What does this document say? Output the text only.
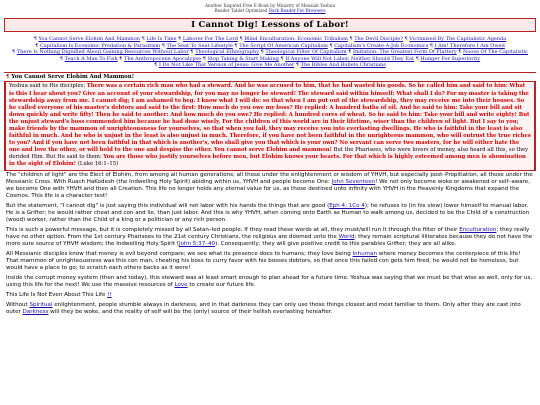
Another Inspired Free E-Book by Ministry of Messiah Yeshua
Reader Tablet Optimized Dark Reader For Browsers
I Cannot Dig! Lessons of Labor!
¶ You Cannot Serve Elohim And Mammon ¶ Life Is Time ¶ Laborer For The Lord ¶ Blind Enculturation: Economic Tribalism ¶ The Devil Disciple? ¶ Victimized By The Capitalistic Agenda ¶ Capitalism Is Economic Predation & Parasitism ¶ The Seat To Seat Lifestyle ¶ The Script Of American Capitalism ¶ Capitalism's Create-A-Job Economics ¶ I Am! Therefore I Am Owed ¶ There Is Nothing Dignified About Gaining Resources Without Labor ¶ Theological Ethnography ¶ Theological Filter Of Capitalism ¶ Imitation: The Greatest Form Of Flattery ¶ Noose Of The Capitalistic ¶ Teach A Man To Fish ¶ The Anthropocene Apocalypse ¶ Stop Taking & Start Making ¶ If Anyone Will Not Labor, Neither Should They Eat ¶ Hunger For Superiority ¶ I Do Not Like That Version of Jesus: Give Me Another ¶ The Bibles And Bullets Christians
¶ You Cannot Serve Elohim And Mammon!
Yeshua said to His disciples: There was a certain rich man who had a steward. And he was accused to him, that he had wasted his goods. So he called him and said to him: What is this I hear about you? Give an account of your stewardship, for you may no longer be steward! The steward said within himself: What shall I do? For my master is taking the stewardship away from me. I cannot dig; I am ashamed to beg. I know what I will do: so that when I am put out of the stewardship, they may receive me into their houses. So he called everyone of his master's debtors and said to the first: How much do you owe my boss? He replied: A hundred baths of oil. And he said to him: Take your bill and sit down quickly and write fifty! Then he said to another: And how much do you owe? He replied: A hundred cores of wheat. So he said to him: Take your bill and write eighty! But the unjust steward's boss commended him because he had done wisely. For the children of this world are in their lifetime, wiser than the children of light. But I say to you; make friends by the mammon of unrighteousness for yourselves, so that when you fail, they may receive you into everlasting dwellings. He who is faithful in the least is also faithful in much. And he who is unjust in the least is also unjust in much. Therefore, if you have not been faithful in the unrighteous mammon, who will entrust the true riches to you? And if you have not been faithful in that which is another's, who shall give you that which is your own? No servant can serve two masters, for he will either hate the one and love the other, or will hold to the one and despise the other. You cannot serve Elohim and mammon! But the Pharisees, who were lovers of money, also heard all this, so they derided Him. But He said to them: You are those who justify yourselves before men, but Elohim knows your hearts. For that which is highly esteemed among men is abomination in the sight of Elohim! (Luke 16:1–15)

The "children of light" are the Elect of Elohim, from among all human generations; all those under the enlightenment or wisdom of YHVH, but especially post–Propitiation, all those under the Messianic Cross. With Ruach HaKodesh (the Indwelling Holy Spirit) abiding within us, YHVH and people become One: John Seventeen! We not only become woke or awakened or self–aware, we become One with YHVH and then all Creation. This life no longer holds any eternal value for us, as those destined unto infinity with YHVH in the Heavenly Kingdoms that expand the Cosmos. This life is a character test!

But the statement, "I cannot dig" is just saying this individual will not labor with his hands the things that are good (Eph 4; 1Co 4); he refuses to (in his view) lower himself to manual labor. He is a Grifter; he would rather cheat and con and lie, than just labor. And this is why YHVH, when coming onto Earth as Human to walk among us, decided to be the Child of a construction (wood) worker, rather than the Child of a king or a politician or any rich person.

This is such a powerful message, but it is completely missed by all Satan–led people. If they read these words at all, they must/will run it through the filter of their Enculturation; they really have no other option. From the 1st century Pharisees to the 21st century Christians, the religious are doomed unto the World; they remain scriptural illiterates because they do not have the more sure source of YHVH wisdom; the Indwelling Holy Spirit (John 5:37–40). Consequently, they will give positive credit to this parables Grifter; they are all alike.

All Messianic disciples know that money is evil beyond compare; we see what its presence does to humans; they love being Inhuman where money becomes the centerpiece of this life! That mammon of unrighteousness was this con man, cheating his boss to curry favor with his bosses debtors, so that once this failed con gets him fired, he would not be homeless, but would have a place to go; to scratch each others backs as it were!

Inside the corrupt money system (then and today), this steward was at least smart enough to plan ahead for a future time. Yeshua was saying that we must be that wise as well, only for us, using this life for the next! We use the massive resources of Love to create our future life.

This Life Is Not Even About This Life !!

Without Spiritual enlightenment, people stumble always in darkness, and in that darkness they can only use those things closest and most familiar to them. Only after they are cast into outer Darkness will they be woke, and the reality of self will be the (only) source of their hellish everlasting hereafter.
